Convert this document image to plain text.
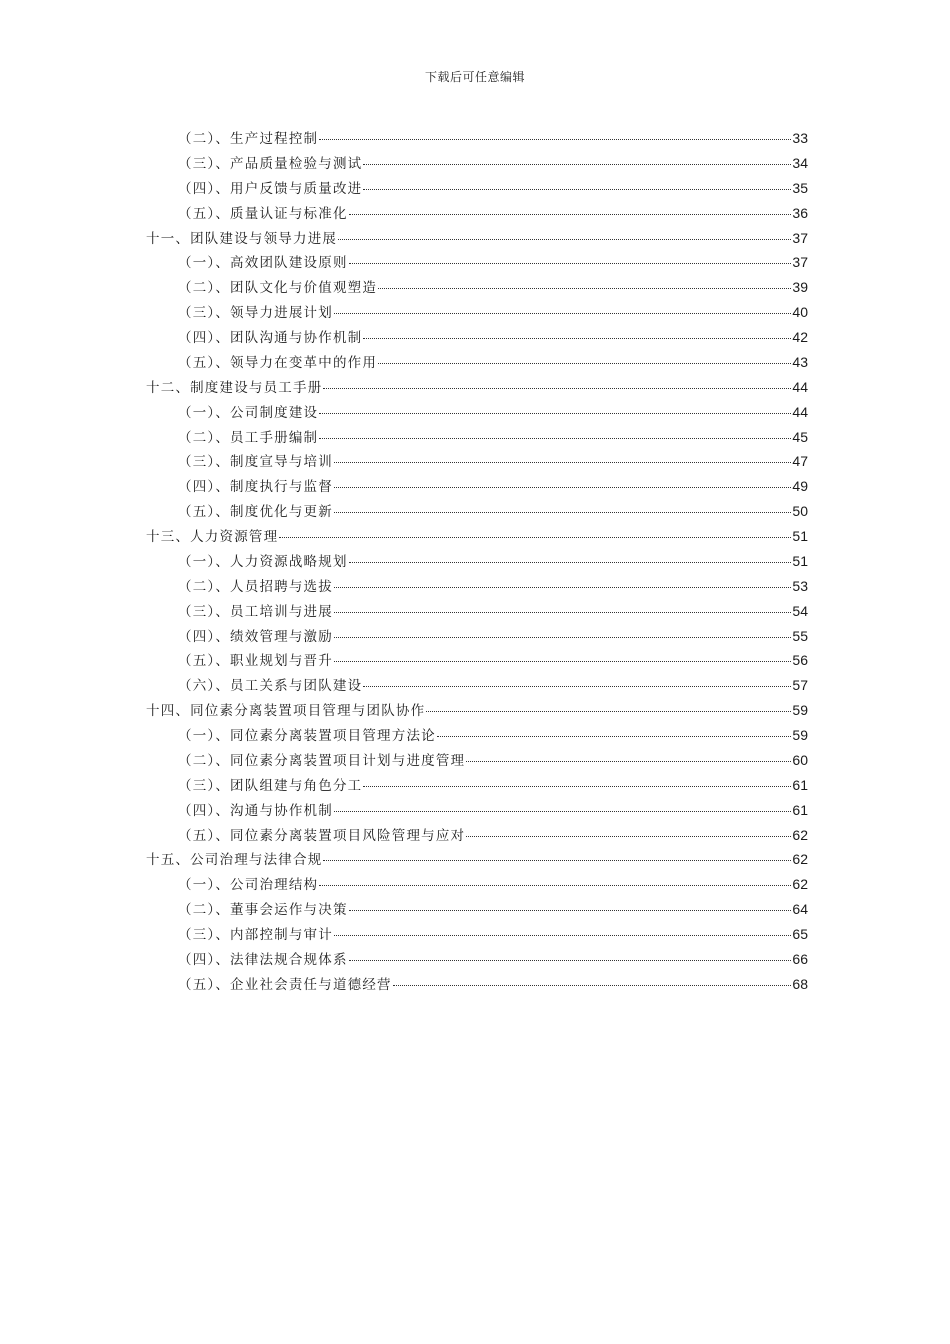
下载后可任意编辑
（二）、生产过程控制	33
（三）、产品质量检验与测试	34
（四）、用户反馈与质量改进	35
（五）、质量认证与标准化	36
十一、团队建设与领导力进展	37
（一）、高效团队建设原则	37
（二）、团队文化与价值观塑造	39
（三）、领导力进展计划	40
（四）、团队沟通与协作机制	42
（五）、领导力在变革中的作用	43
十二、制度建设与员工手册	44
（一）、公司制度建设	44
（二）、员工手册编制	45
（三）、制度宣导与培训	47
（四）、制度执行与监督	49
（五）、制度优化与更新	50
十三、人力资源管理	51
（一）、人力资源战略规划	51
（二）、人员招聘与选拔	53
（三）、员工培训与进展	54
（四）、绩效管理与激励	55
（五）、职业规划与晋升	56
（六）、员工关系与团队建设	57
十四、同位素分离装置项目管理与团队协作	59
（一）、同位素分离装置项目管理方法论	59
（二）、同位素分离装置项目计划与进度管理	60
（三）、团队组建与角色分工	61
（四）、沟通与协作机制	61
（五）、同位素分离装置项目风险管理与应对	62
十五、公司治理与法律合规	62
（一）、公司治理结构	62
（二）、董事会运作与决策	64
（三）、内部控制与审计	65
（四）、法律法规合规体系	66
（五）、企业社会责任与道德经营	68
